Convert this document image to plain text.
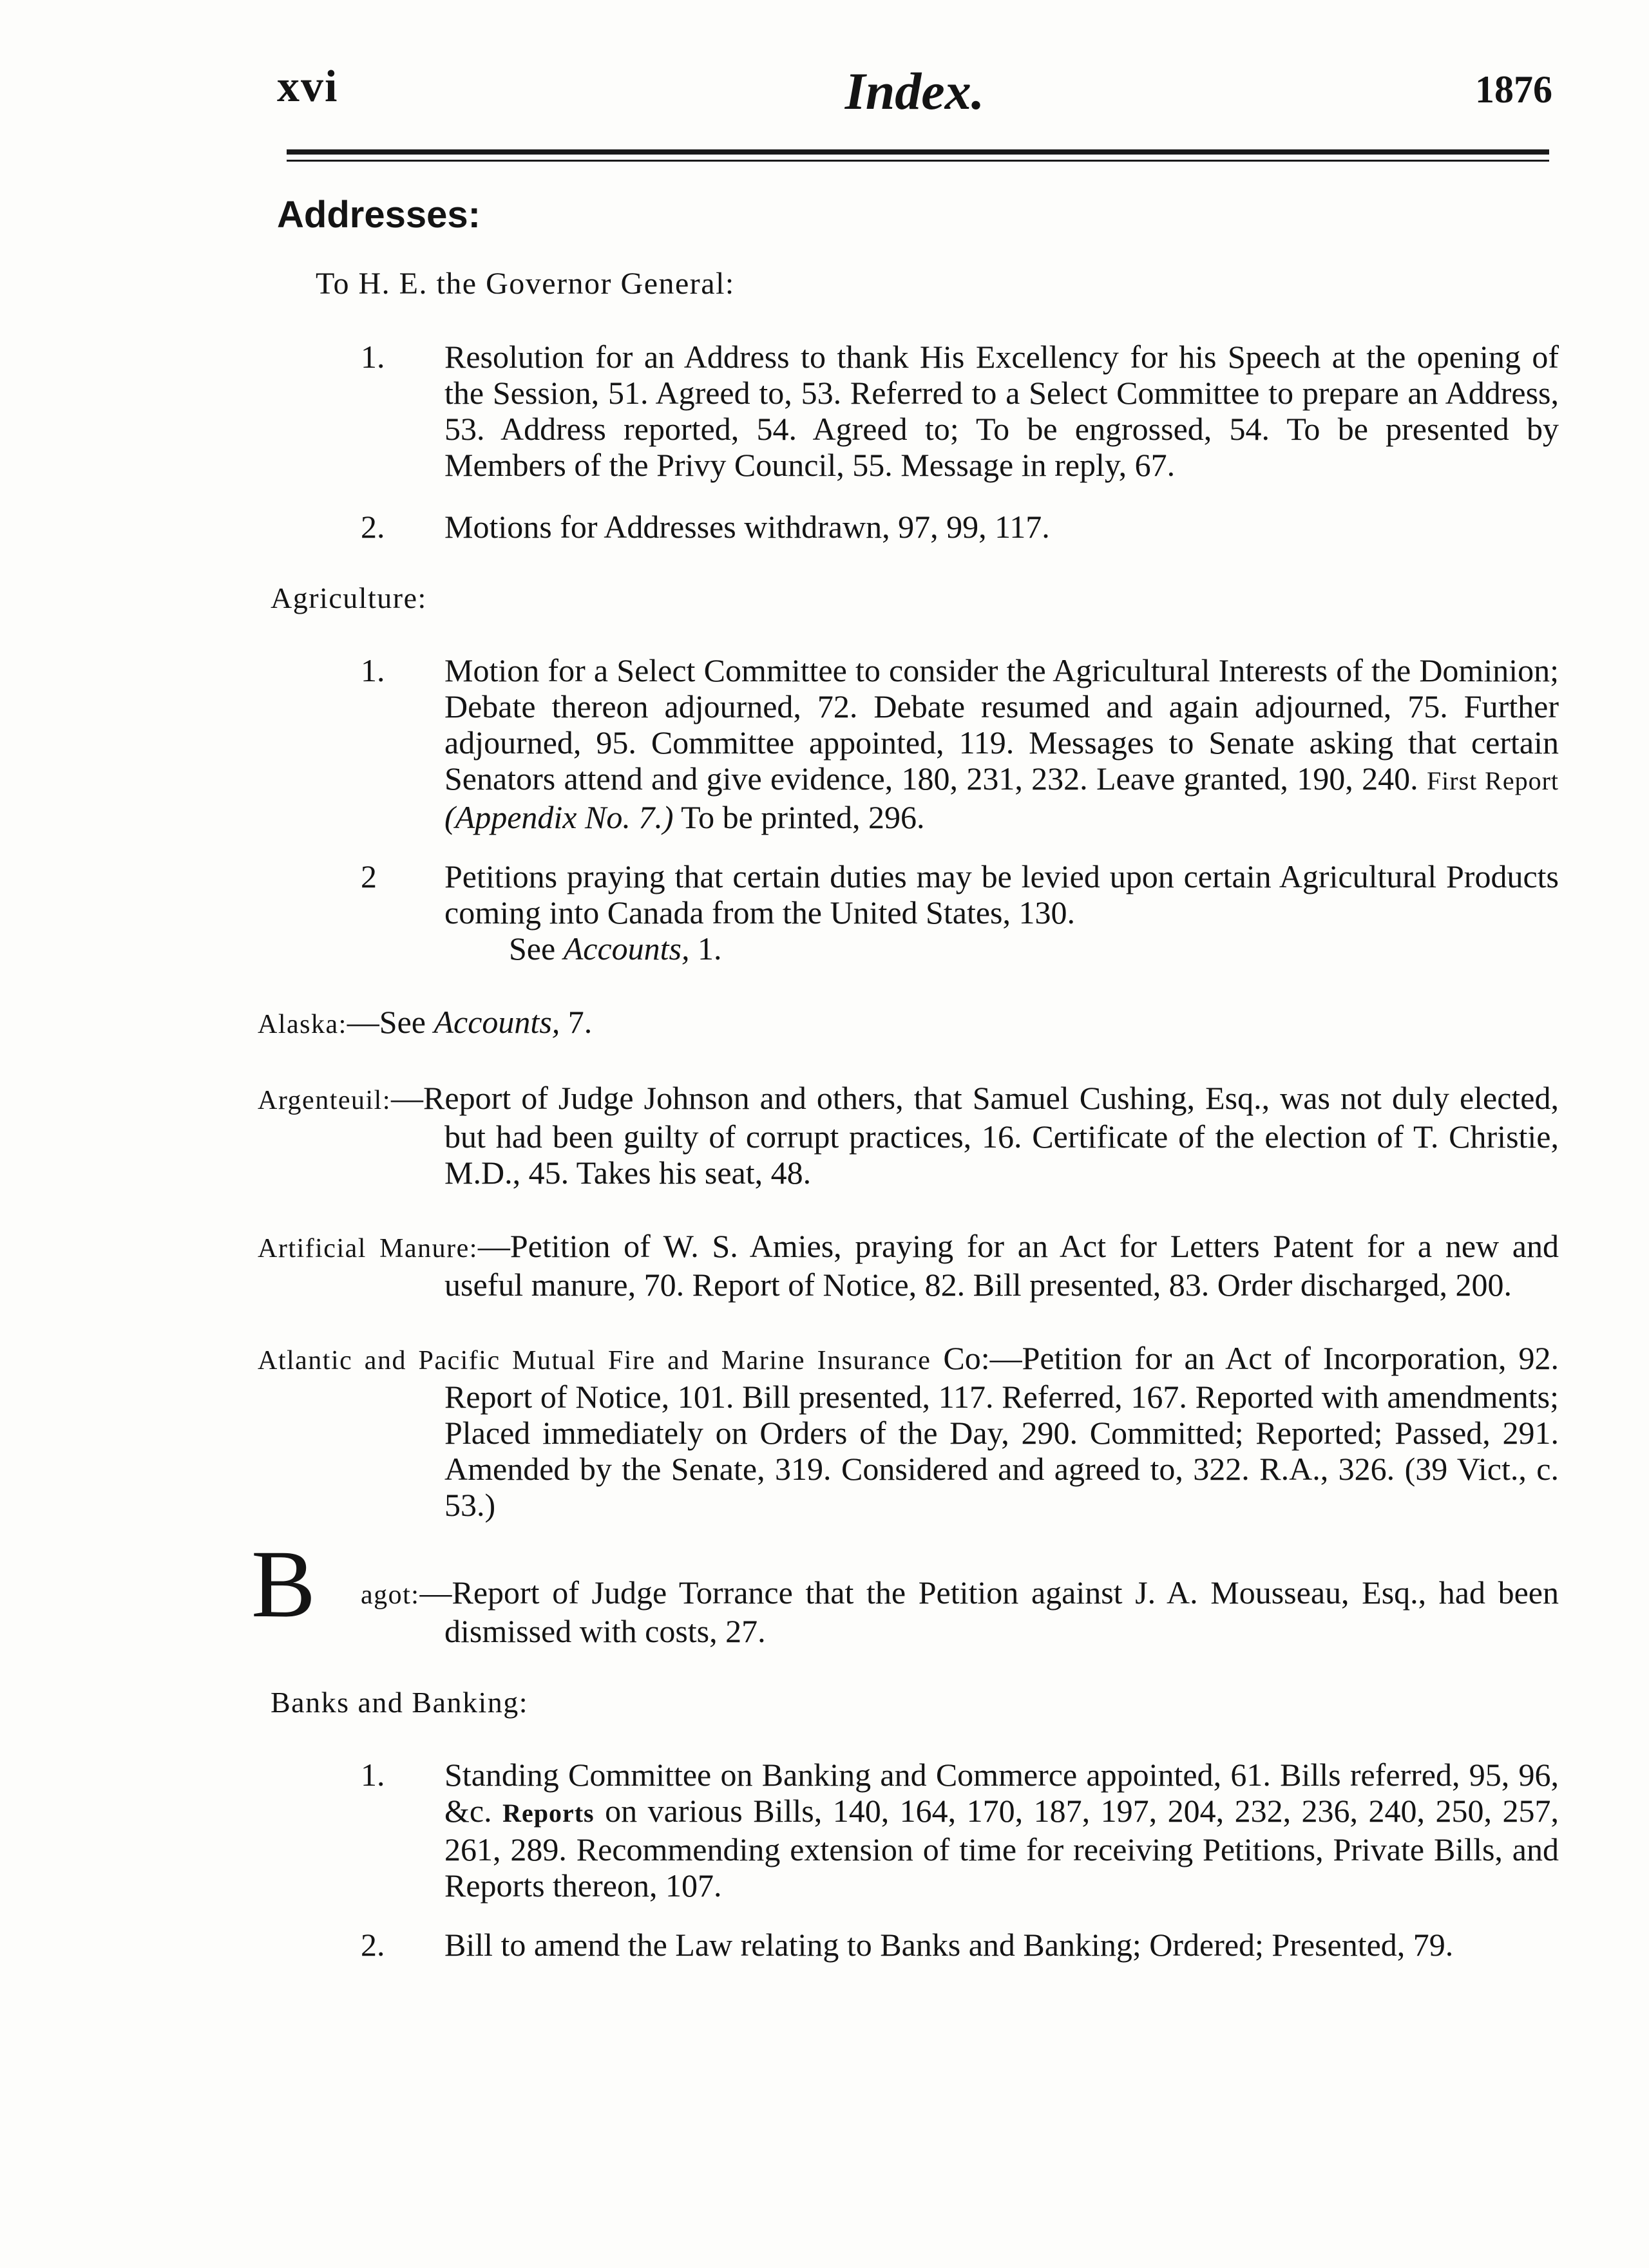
xvi	Index.	1876
Addresses:
To H. E. the Governor General:
1. Resolution for an Address to thank His Excellency for his Speech at the opening of the Session, 51. Agreed to, 53. Referred to a Select Committee to prepare an Address, 53. Address reported, 54. Agreed to; To be engrossed, 54. To be presented by Members of the Privy Council, 55. Message in reply, 67.
2. Motions for Addresses withdrawn, 97, 99, 117.
Agriculture:
1. Motion for a Select Committee to consider the Agricultural Interests of the Dominion; Debate thereon adjourned, 72. Debate resumed and again adjourned, 75. Further adjourned, 95. Committee appointed, 119. Messages to Senate asking that certain Senators attend and give evidence, 180, 231, 232. Leave granted, 190, 240. First Report (Appendix No. 7.) To be printed, 296.
2 Petitions praying that certain duties may be levied upon certain Agricultural Products coming into Canada from the United States, 130.
See Accounts, 1.
Alaska:—See Accounts, 7.
Argenteuil:—Report of Judge Johnson and others, that Samuel Cushing, Esq., was not duly elected, but had been guilty of corrupt practices, 16. Certificate of the election of T. Christie, M.D., 45. Takes his seat, 48.
Artificial Manure:—Petition of W. S. Amies, praying for an Act for Letters Patent for a new and useful manure, 70. Report of Notice, 82. Bill presented, 83. Order discharged, 200.
Atlantic and Pacific Mutual Fire and Marine Insurance Co:—Petition for an Act of Incorporation, 92. Report of Notice, 101. Bill presented, 117. Referred, 167. Reported with amendments; Placed immediately on Orders of the Day, 290. Committed; Reported; Passed, 291. Amended by the Senate, 319. Considered and agreed to, 322. R.A., 326. (39 Vict., c. 53.)
B agot:—Report of Judge Torrance that the Petition against J. A. Mousseau, Esq., had been dismissed with costs, 27.
Banks and Banking:
1. Standing Committee on Banking and Commerce appointed, 61. Bills referred, 95, 96, &c. Reports on various Bills, 140, 164, 170, 187, 197, 204, 232, 236, 240, 250, 257, 261, 289. Recommending extension of time for receiving Petitions, Private Bills, and Reports thereon, 107.
2. Bill to amend the Law relating to Banks and Banking; Ordered; Presented, 79.
